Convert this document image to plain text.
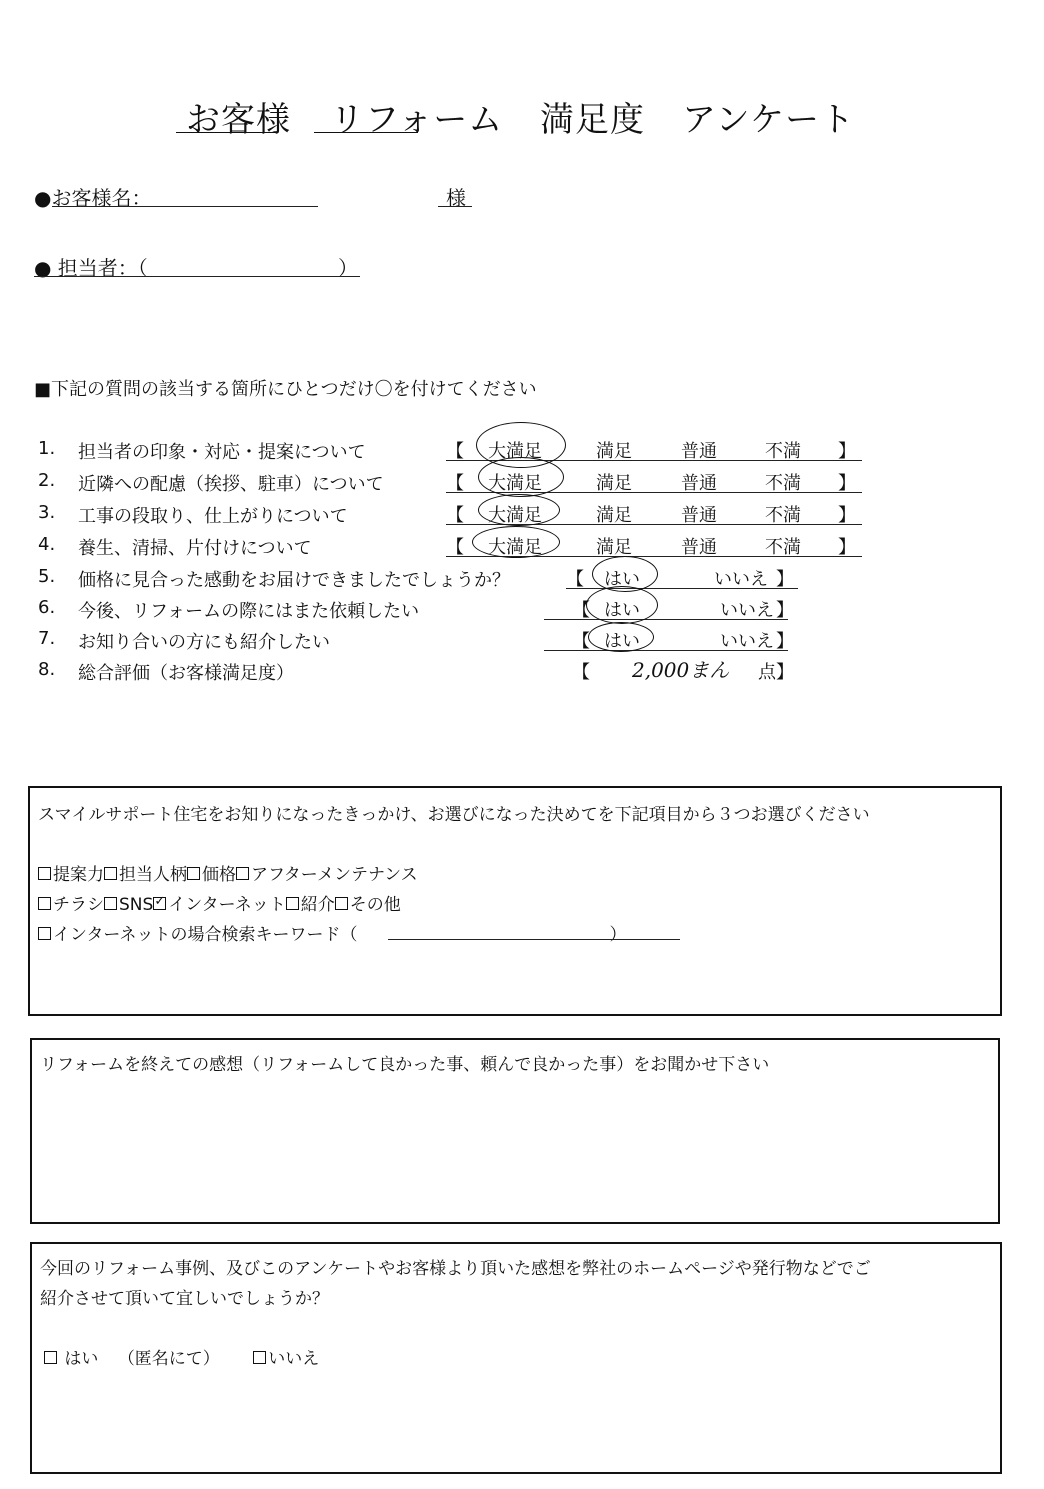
お客様 リフォーム 満足度 アンケート
●お客様名：	様
● 担当者：（	）
■下記の質問の該当する箇所にひとつだけ〇を付けてください
1. 担当者の印象・対応・提案について	【 大満足	満足	普通	不満 】
2. 近隣への配慮（挨拶、駐車）について	【 大満足	満足	普通	不満 】
3. 工事の段取り、仕上がりについて	【 大満足	満足	普通	不満 】
4. 養生、清掃、片付けについて	【 大満足	満足	普通	不満 】
5. 価格に見合った感動をお届けできましたでしょうか？	【 はい	いいえ 】
6. 今後、リフォームの際にはまた依頼したい	【 はい	いいえ 】
7. お知り合いの方にも紹介したい	【 はい	いいえ 】
8. 総合評価（お客様満足度）	【 2,000まん 点 】
スマイルサポート住宅をお知りになったきっかけ、お選びになった決めてを下記項目から３つお選びください
提案力 担当人柄 価格 アフターメンテナンス
チラシ SNS✓ インターネット 紹介 その他
インターネットの場合検索キーワード（	）
リフォームを終えての感想（リフォームして良かった事、頼んで良かった事）をお聞かせ下さい
今回のリフォーム事例、及びこのアンケートやお客様より頂いた感想を弊社のホームページや発行物などでご
紹介させて頂いて宜しいでしょうか？
はい （匿名にて）	いいえ
